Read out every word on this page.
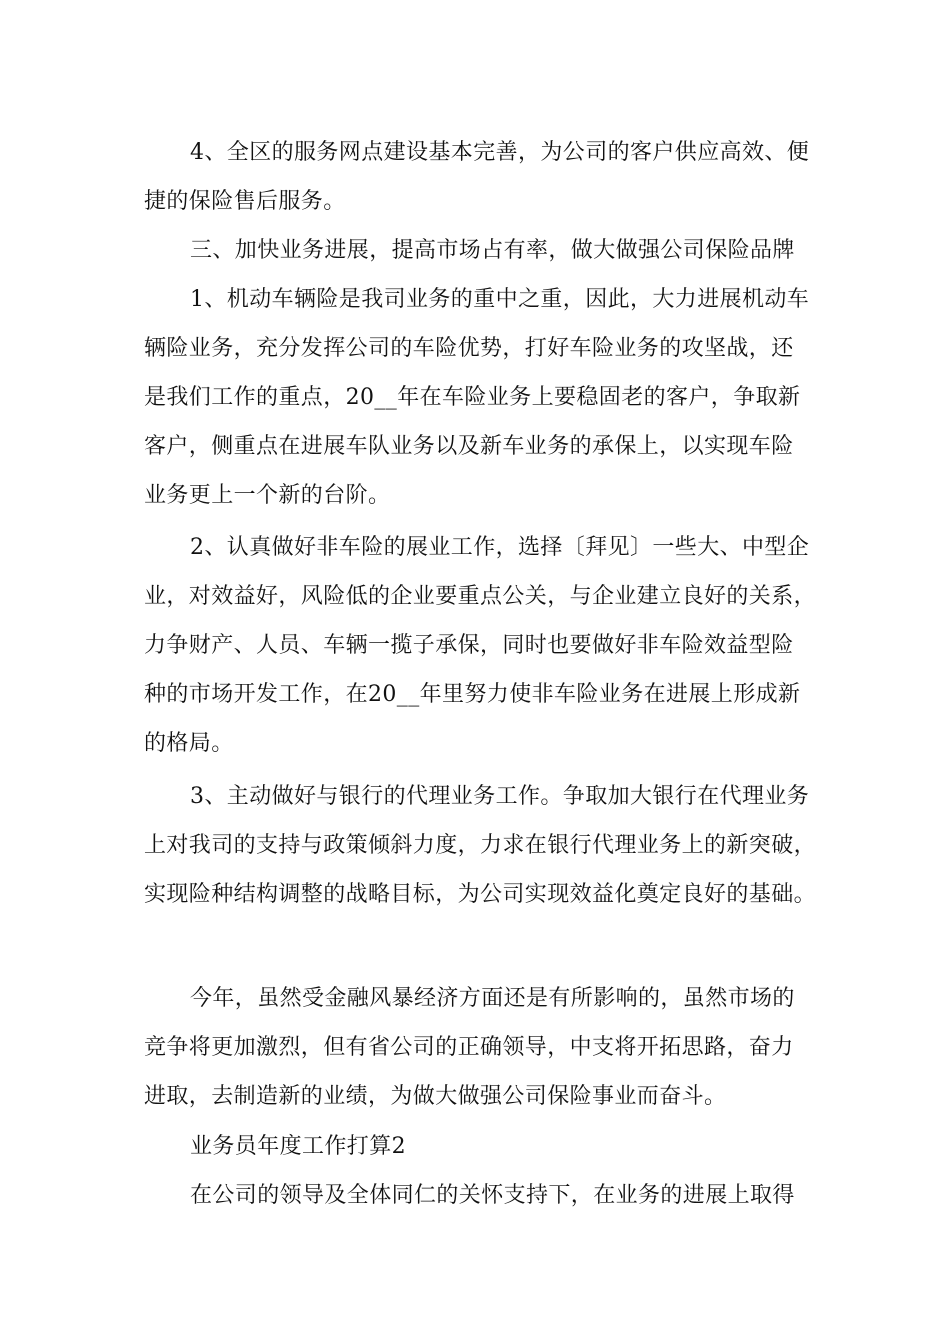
4、全区的服务网点建设基本完善，为公司的客户供应高效、便
捷的保险售后服务。
三、加快业务进展，提高市场占有率，做大做强公司保险品牌
1、机动车辆险是我司业务的重中之重，因此，大力进展机动车
辆险业务，充分发挥公司的车险优势，打好车险业务的攻坚战，还
是我们工作的重点，20__年在车险业务上要稳固老的客户，争取新
客户，侧重点在进展车队业务以及新车业务的承保上，以实现车险
业务更上一个新的台阶。
2、认真做好非车险的展业工作，选择〔拜见〕一些大、中型企
业，对效益好，风险低的企业要重点公关，与企业建立良好的关系，
力争财产、人员、车辆一揽子承保，同时也要做好非车险效益型险
种的市场开发工作，在20__年里努力使非车险业务在进展上形成新
的格局。
3、主动做好与银行的代理业务工作。争取加大银行在代理业务
上对我司的支持与政策倾斜力度，力求在银行代理业务上的新突破，
实现险种结构调整的战略目标，为公司实现效益化奠定良好的基础。
今年，虽然受金融风暴经济方面还是有所影响的，虽然市场的
竞争将更加激烈，但有省公司的正确领导，中支将开拓思路，奋力
进取，去制造新的业绩，为做大做强公司保险事业而奋斗。
业务员年度工作打算2
在公司的领导及全体同仁的关怀支持下，在业务的进展上取得
